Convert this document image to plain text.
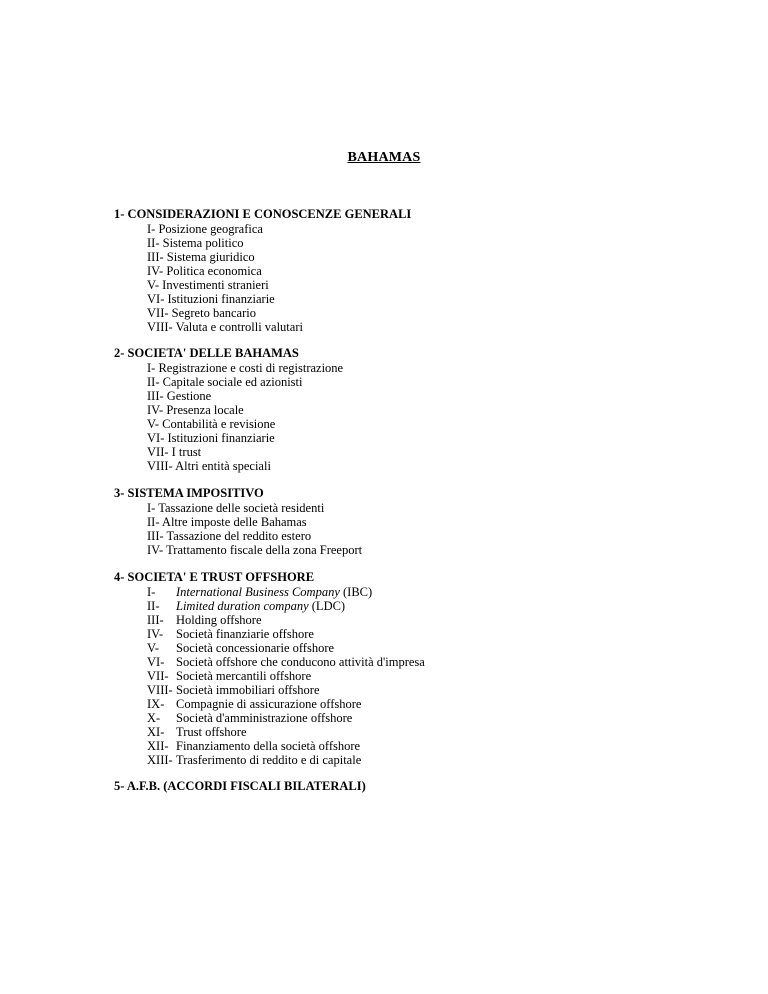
BAHAMAS
1- CONSIDERAZIONI E CONOSCENZE GENERALI
I- Posizione geografica
II- Sistema politico
III- Sistema giuridico
IV- Politica economica
V- Investimenti stranieri
VI- Istituzioni finanziarie
VII- Segreto bancario
VIII- Valuta e controlli valutari
2- SOCIETA' DELLE BAHAMAS
I- Registrazione e costi di registrazione
II- Capitale sociale ed azionisti
III- Gestione
IV- Presenza locale
V- Contabilità e revisione
VI- Istituzioni finanziarie
VII- I trust
VIII- Altri entità speciali
3- SISTEMA IMPOSITIVO
I- Tassazione delle società residenti
II- Altre imposte delle Bahamas
III- Tassazione del reddito estero
IV- Trattamento fiscale della zona Freeport
4- SOCIETA' E TRUST OFFSHORE
I- International Business Company (IBC)
II- Limited duration company (LDC)
III- Holding offshore
IV- Società finanziarie offshore
V- Società concessionarie offshore
VI- Società offshore che conducono attività d'impresa
VII- Società mercantili offshore
VIII- Società immobiliari offshore
IX- Compagnie di assicurazione offshore
X- Società d'amministrazione offshore
XI- Trust offshore
XII- Finanziamento della società offshore
XIII- Trasferimento di reddito e di capitale
5- A.F.B. (ACCORDI FISCALI BILATERALI)
